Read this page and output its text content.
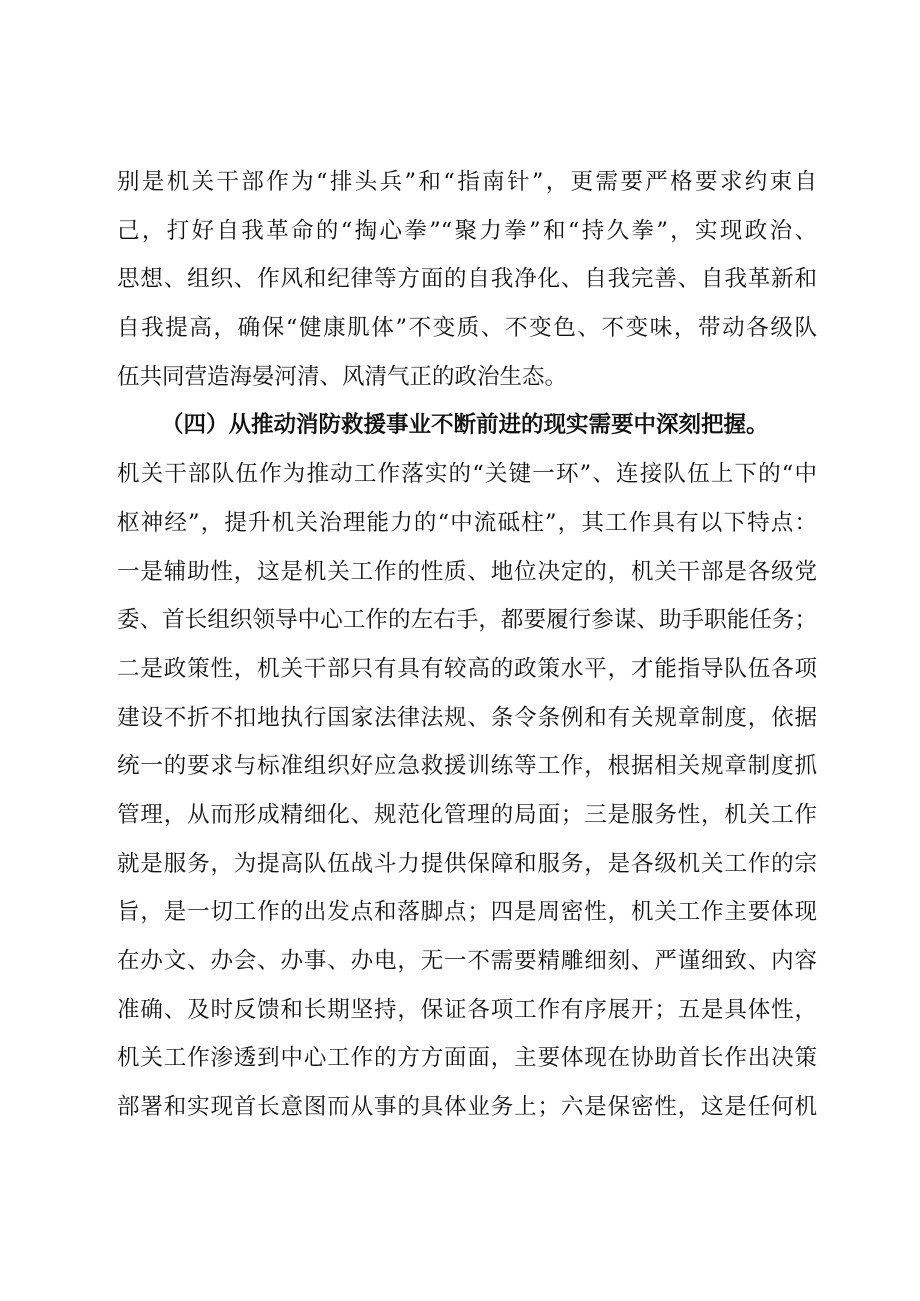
别是机关干部作为“排头兵”和“指南针”，更需要严格要求约束自
己，打好自我革命的“掏心拳”“聚力拳”和“持久拳”，实现政治、
思想、组织、作风和纪律等方面的自我净化、自我完善、自我革新和
自我提高，确保“健康肌体”不变质、不变色、不变味，带动各级队
伍共同营造海晏河清、风清气正的政治生态。
（四）从推动消防救援事业不断前进的现实需要中深刻把握。
机关干部队伍作为推动工作落实的“关键一环”、连接队伍上下的“中
枢神经”，提升机关治理能力的“中流砥柱”，其工作具有以下特点：
一是辅助性，这是机关工作的性质、地位决定的，机关干部是各级党
委、首长组织领导中心工作的左右手，都要履行参谋、助手职能任务；
二是政策性，机关干部只有具有较高的政策水平，才能指导队伍各项
建设不折不扣地执行国家法律法规、条令条例和有关规章制度，依据
统一的要求与标准组织好应急救援训练等工作，根据相关规章制度抓
管理，从而形成精细化、规范化管理的局面；三是服务性，机关工作
就是服务，为提高队伍战斗力提供保障和服务，是各级机关工作的宗
旨，是一切工作的出发点和落脚点；四是周密性，机关工作主要体现
在办文、办会、办事、办电，无一不需要精雕细刻、严谨细致、内容
准确、及时反馈和长期坚持，保证各项工作有序展开；五是具体性，
机关工作渗透到中心工作的方方面面，主要体现在协助首长作出决策
部署和实现首长意图而从事的具体业务上；六是保密性，这是任何机
